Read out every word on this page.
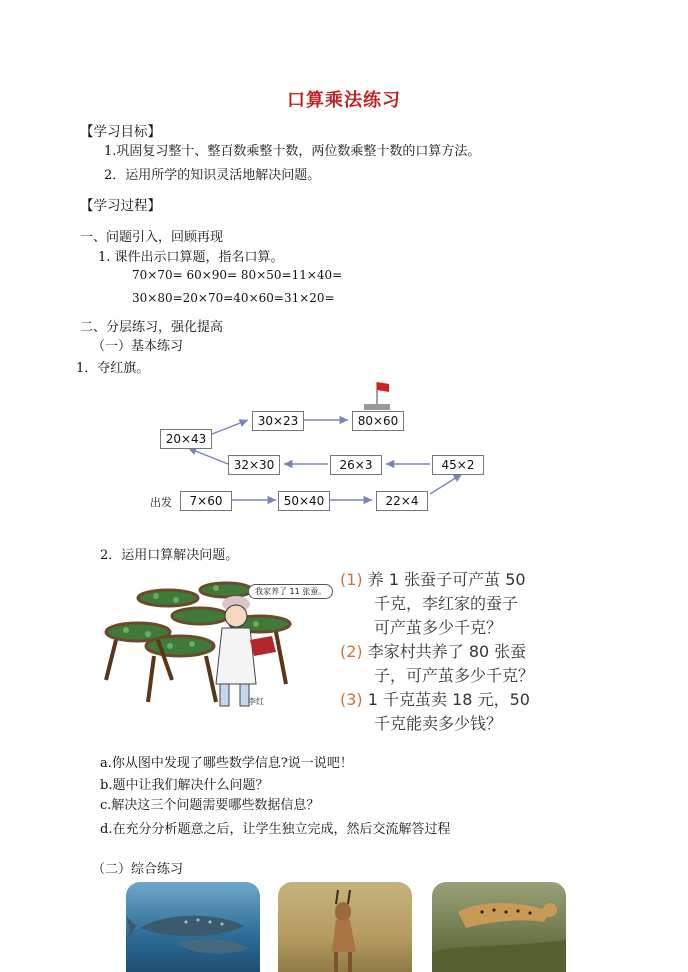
口算乘法练习
【学习目标】
1.巩固复习整十、整百数乘整十数，两位数乘整十数的口算方法。
2．运用所学的知识灵活地解决问题。
【学习过程】
一、问题引入，回顾再现
1. 课件出示口算题，指名口算。
70×70= 60×90= 80×50=11×40=
30×80=20×70=40×60=31×20=
二、分层练习，强化提高
（一）基本练习
1．夺红旗。
出发	7×60	50×40	22×4
45×2
26×3
32×30
20×43
30×23	80×60
2．运用口算解决问题。
我家养了 11 张蚕。
李红
(1) 养 1 张蚕子可产茧 50
千克，李红家的蚕子
可产茧多少千克？
(2) 李家村共养了 80 张蚕
子，可产茧多少千克？
(3) 1 千克茧卖 18 元，50
千克能卖多少钱？
a.你从图中发现了哪些数学信息?说一说吧！
b.题中让我们解决什么问题？
c.解决这三个问题需要哪些数据信息？
d.在充分分析题意之后，让学生独立完成，然后交流解答过程
（二）综合练习
